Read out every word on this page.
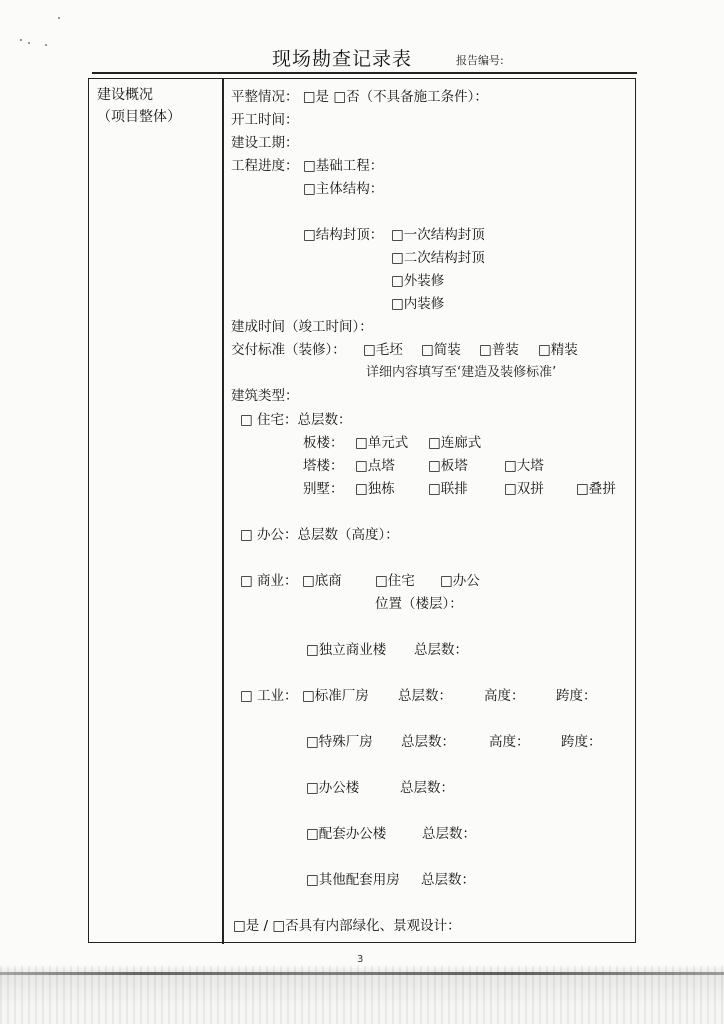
现场勘查记录表	报告编号:
建设概况
（项目整体）
平整情况： □是 □否（不具备施工条件）：
开工时间：
建设工期：
工程进度： □基础工程：
□主体结构：
□结构封顶： □一次结构封顶
□二次结构封顶
□外装修
□内装修
建成时间（竣工时间）：
交付标准（装修）： □毛坯 □简装 □普装 □精装
详细内容填写至‘建造及装修标准’
建筑类型：
□ 住宅：总层数：
板楼： □单元式 □连廊式
塔楼： □点塔 □板塔	□大塔
别墅： □独栋 □联排	□双拼 □叠拼
□ 办公：总层数（高度）：
□ 商业： □底商 □住宅 □办公
位置（楼层）：
□独立商业楼 总层数：
□ 工业： □标准厂房 总层数： 高度： 跨度：
□特殊厂房 总层数：	高度： 跨度：
□办公楼	总层数：
□配套办公楼	总层数：
□其他配套用房 总层数：
□是 / □否具有内部绿化、景观设计：
3
